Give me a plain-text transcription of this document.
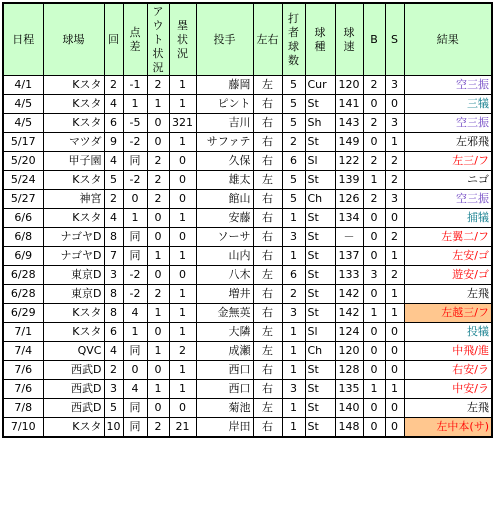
日程	球場	回	点差	アウト状況	塁状況	投手	左右	打者球数	球種	球速	B	S	結果
4/1	Kスタ	2	-1	2	1	藤岡	左	5	Cur	120	2	3	空三振
4/5	Kスタ	4	1	1	1	ピント	右	5	St	141	0	0	三犠
4/5	Kスタ	6	-5	0	321	吉川	右	5	Sh	143	2	3	空三振
5/17	マツダ	9	-2	0	1	サファテ	右	2	St	149	0	1	左邪飛
5/20	甲子園	4	同	2	0	久保	右	6	Sl	122	2	2	左三/フ
5/24	Kスタ	5	-2	2	0	雄太	左	5	St	139	1	2	ニゴ
5/27	神宮	2	0	2	0	館山	右	5	Ch	126	2	3	空三振
6/6	Kスタ	4	1	0	1	安藤	右	1	St	134	0	0	捕犠
6/8	ナゴヤD	8	同	0	0	ソーサ	右	3	St	－	0	2	左翼二/フ
6/9	ナゴヤD	7	同	1	1	山内	右	1	St	137	0	1	左安/ゴ
6/28	東京D	3	-2	0	0	八木	左	6	St	133	3	2	遊安/ゴ
6/28	東京D	8	-2	2	1	増井	右	2	St	142	0	1	左飛
6/29	Kスタ	8	4	1	1	金無英	右	3	St	142	1	1	左越三/フ
7/1	Kスタ	6	1	0	1	大隣	左	1	Sl	124	0	0	投犠
7/4	QVC	4	同	1	2	成瀬	左	1	Ch	120	0	0	中飛/進
7/6	西武D	2	0	0	1	西口	右	1	St	128	0	0	右安/ラ
7/6	西武D	3	4	1	1	西口	右	3	St	135	1	1	中安/ラ
7/8	西武D	5	同	0	0	菊池	左	1	St	140	0	0	左飛
7/10	Kスタ	10	同	2	21	岸田	右	1	St	148	0	0	左中本(サ)
